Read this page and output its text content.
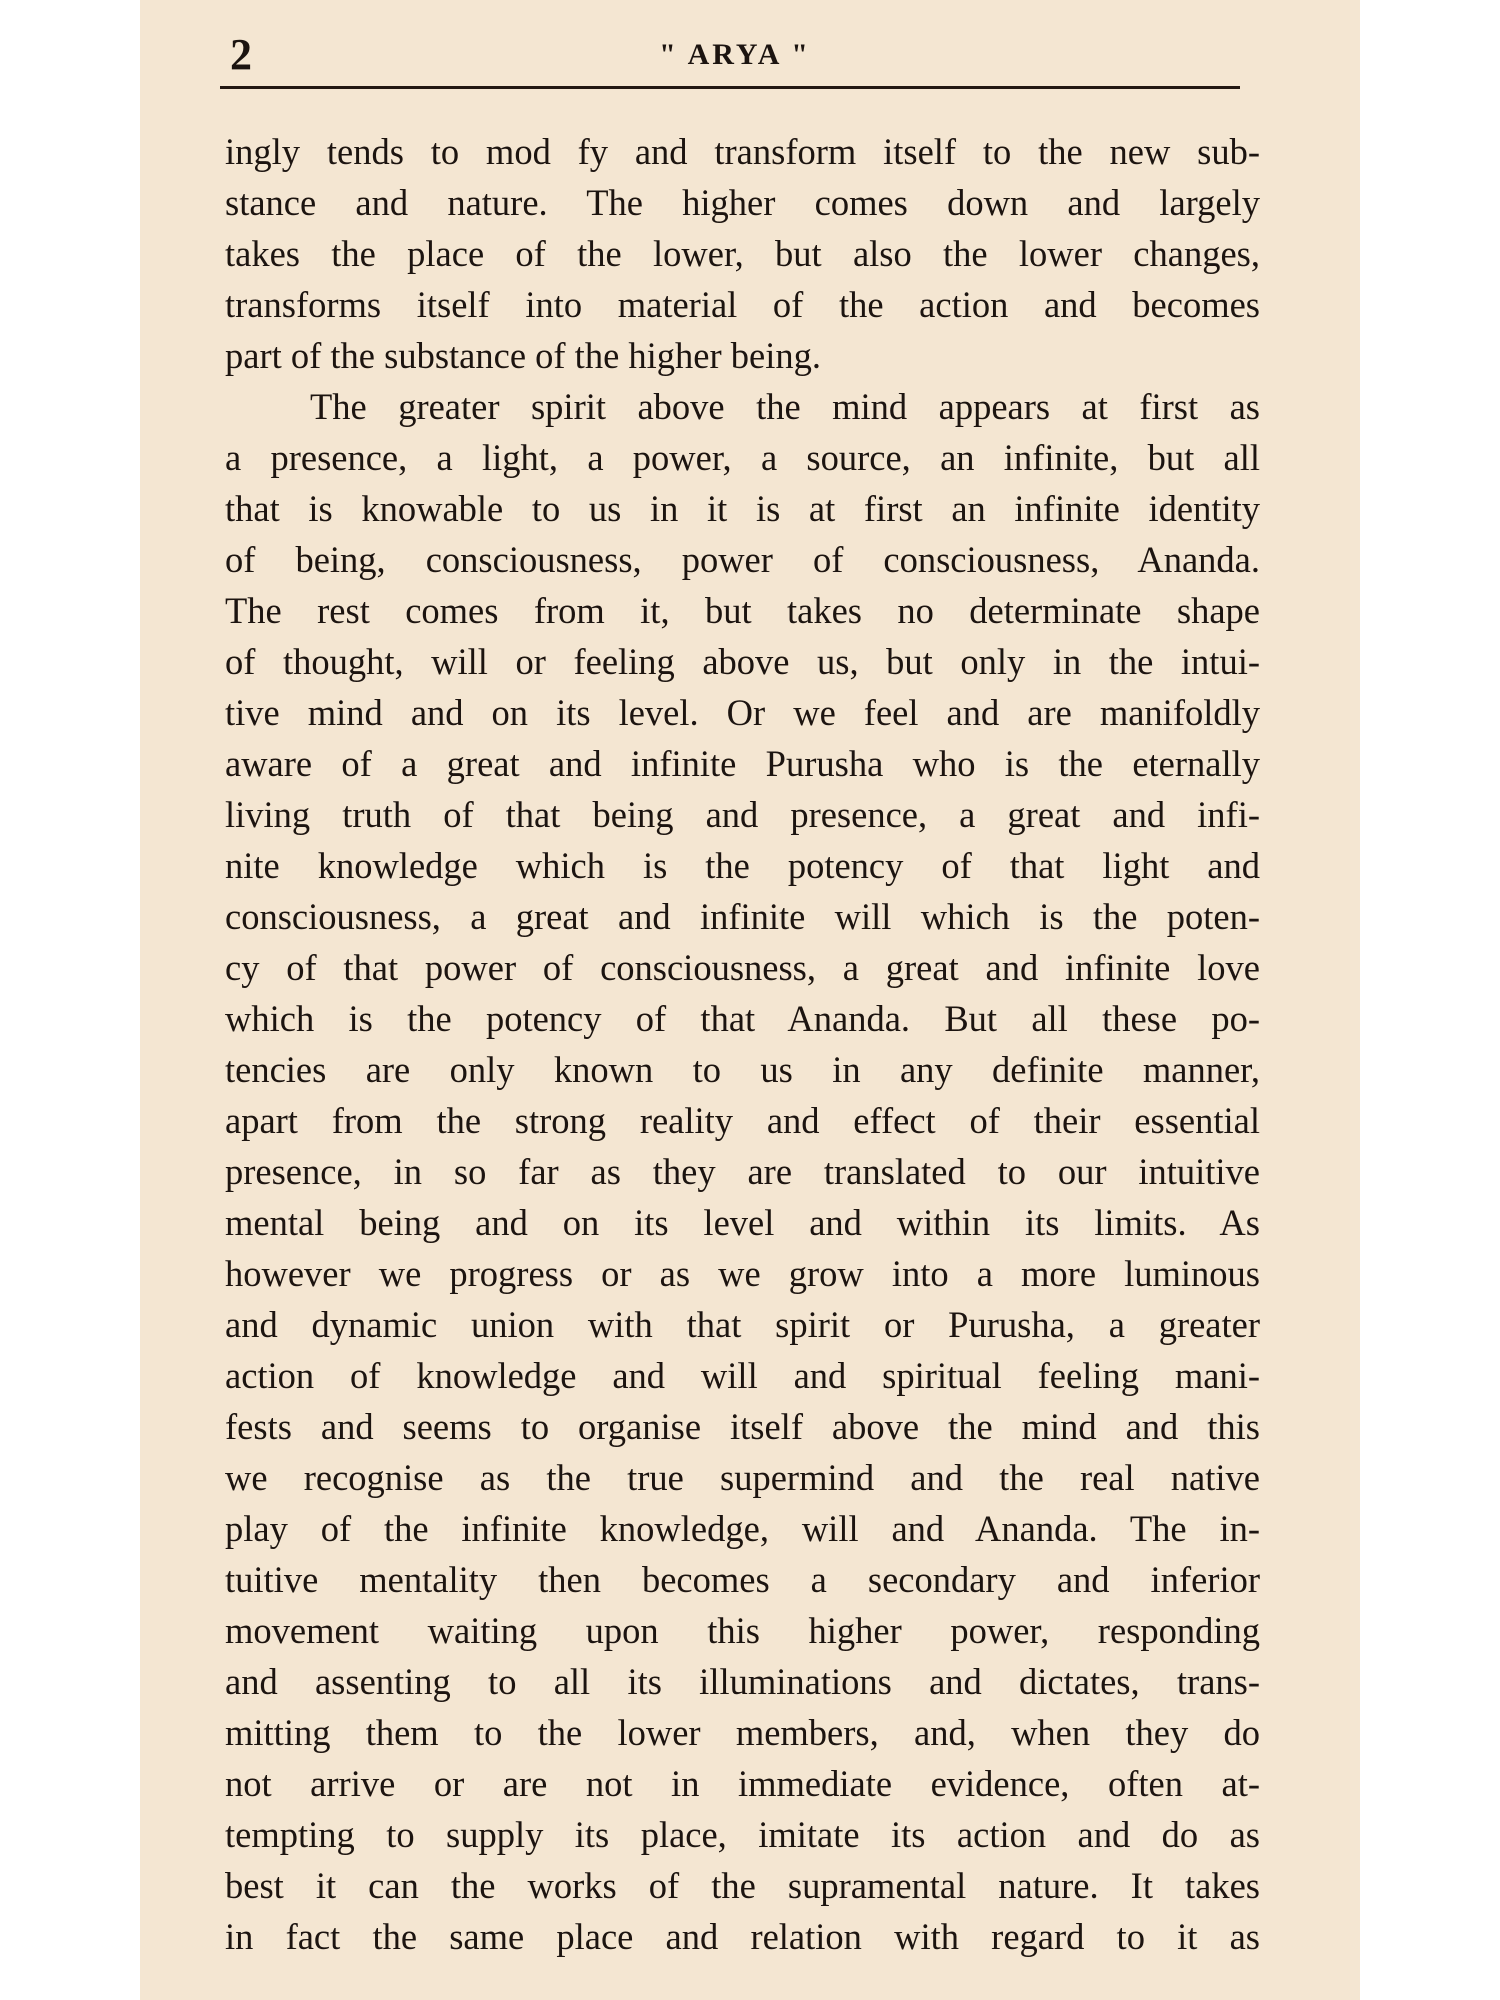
2	" ARYA "
ingly tends to mod fy and transform itself to the new sub-
stance and nature. The higher comes down and largely
takes the place of the lower, but also the lower changes,
transforms itself into material of the action and becomes
part of the substance of the higher being.
The greater spirit above the mind appears at first as
a presence, a light, a power, a source, an infinite, but all
that is knowable to us in it is at first an infinite identity
of being, consciousness, power of consciousness, Ananda.
The rest comes from it, but takes no determinate shape
of thought, will or feeling above us, but only in the intui-
tive mind and on its level. Or we feel and are manifoldly
aware of a great and infinite Purusha who is the eternally
living truth of that being and presence, a great and infi-
nite knowledge which is the potency of that light and
consciousness, a great and infinite will which is the poten-
cy of that power of consciousness, a great and infinite love
which is the potency of that Ananda. But all these po-
tencies are only known to us in any definite manner,
apart from the strong reality and effect of their essential
presence, in so far as they are translated to our intuitive
mental being and on its level and within its limits. As
however we progress or as we grow into a more luminous
and dynamic union with that spirit or Purusha, a greater
action of knowledge and will and spiritual feeling mani-
fests and seems to organise itself above the mind and this
we recognise as the true supermind and the real native
play of the infinite knowledge, will and Ananda. The in-
tuitive mentality then becomes a secondary and inferior
movement waiting upon this higher power, responding
and assenting to all its illuminations and dictates, trans-
mitting them to the lower members, and, when they do
not arrive or are not in immediate evidence, often at-
tempting to supply its place, imitate its action and do as
best it can the works of the supramental nature. It takes
in fact the same place and relation with regard to it as
